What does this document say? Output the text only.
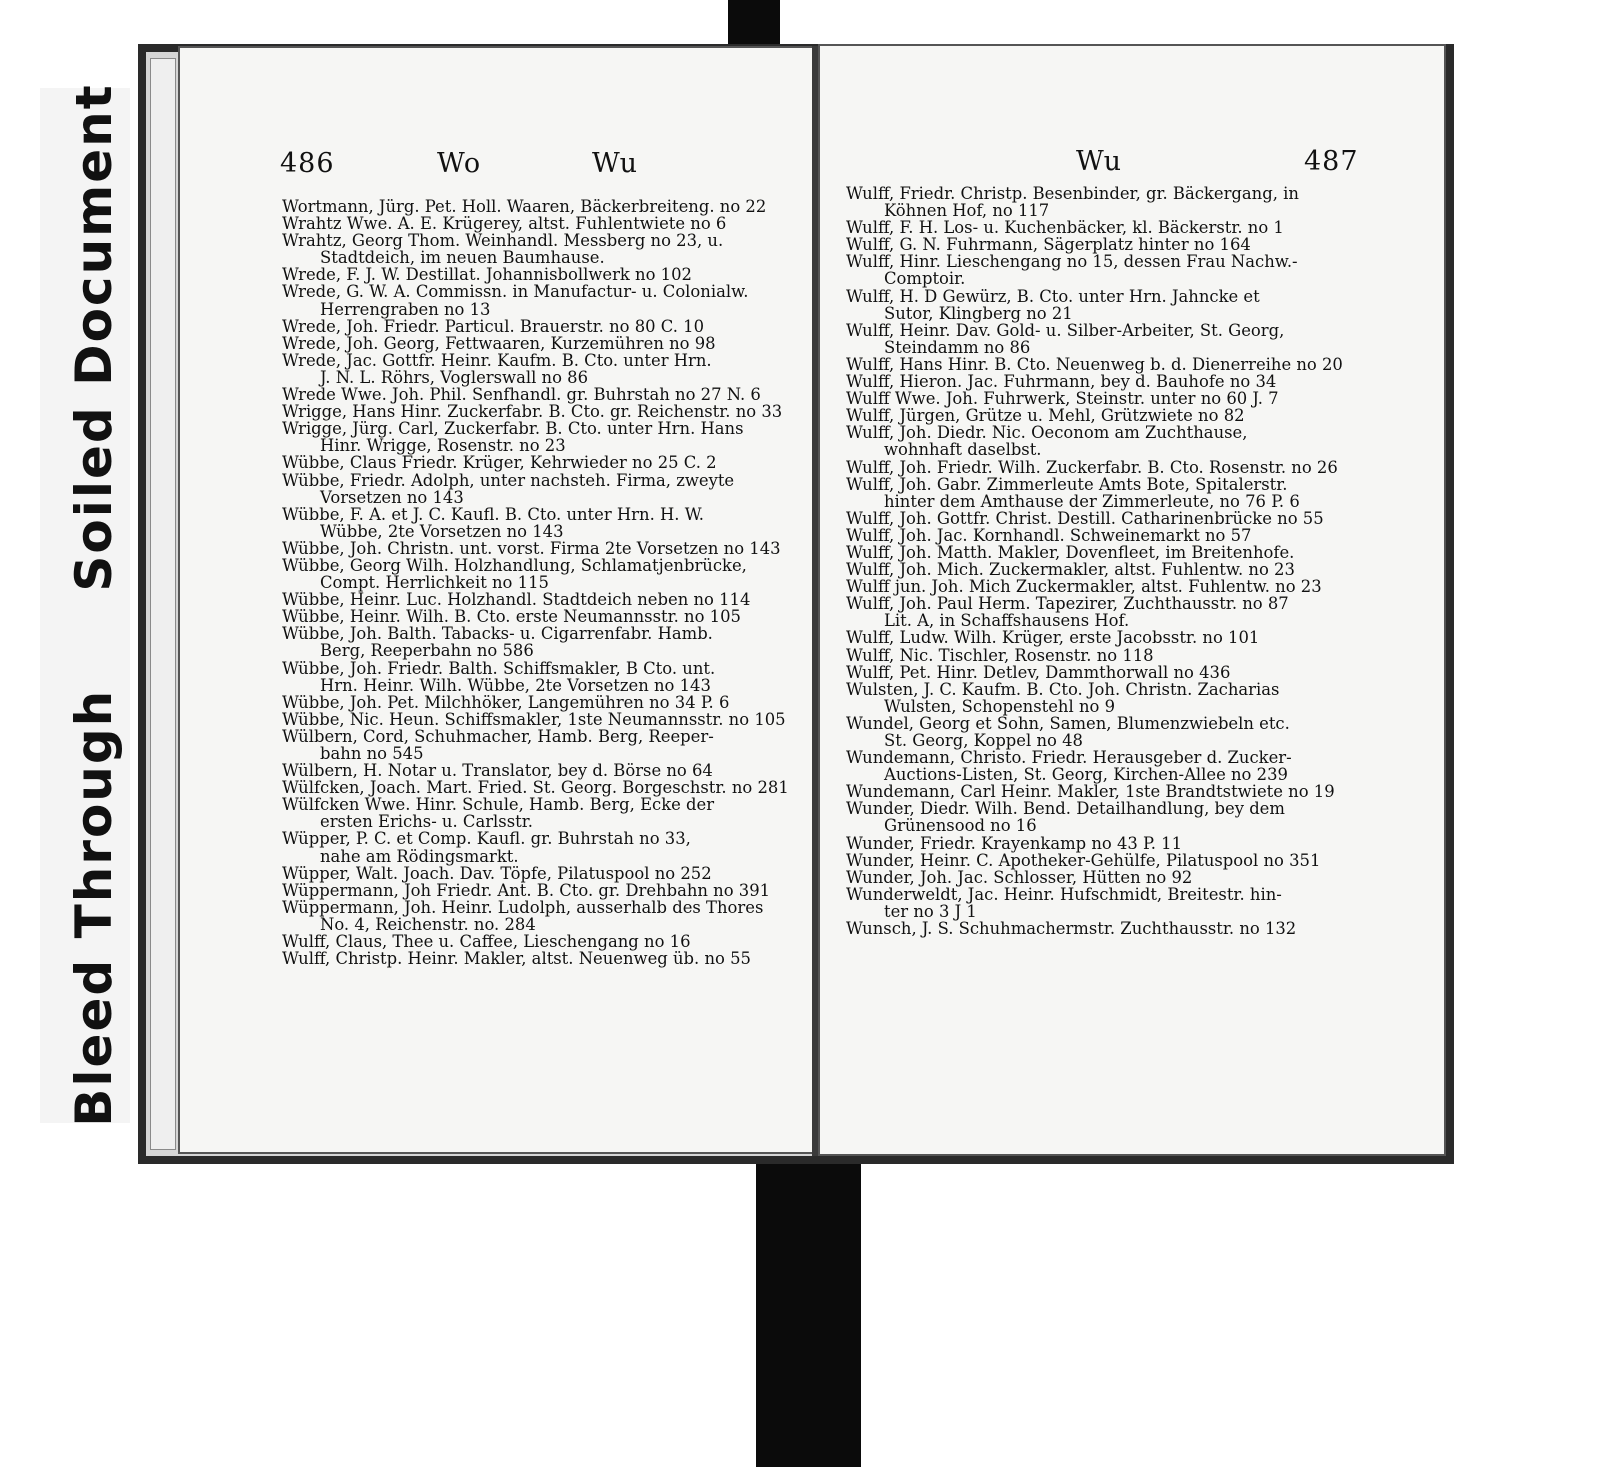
Bleed Through     Soiled Document	486	Wo	Wu
Wortmann, Jürg. Pet. Holl. Waaren, Bäckerbreiteng. no 22
Wrahtz Wwe. A. E. Krügerey, altst. Fuhlentwiete no 6
Wrahtz, Georg Thom. Weinhandl. Messberg no 23, u.
Stadtdeich, im neuen Baumhause.
Wrede, F. J. W. Destillat. Johannisbollwerk no 102
Wrede, G. W. A. Commissn. in Manufactur- u. Colonialw.
Herrengraben no 13
Wrede, Joh. Friedr. Particul. Brauerstr. no 80 C. 10
Wrede, Joh. Georg, Fettwaaren, Kurzemühren no 98
Wrede, Jac. Gottfr. Heinr. Kaufm. B. Cto. unter Hrn.
J. N. L. Röhrs, Voglerswall no 86
Wrede Wwe. Joh. Phil. Senfhandl. gr. Buhrstah no 27 N. 6
Wrigge, Hans Hinr. Zuckerfabr. B. Cto. gr. Reichenstr. no 33
Wrigge, Jürg. Carl, Zuckerfabr. B. Cto. unter Hrn. Hans
Hinr. Wrigge, Rosenstr. no 23
Wübbe, Claus Friedr. Krüger, Kehrwieder no 25 C. 2
Wübbe, Friedr. Adolph, unter nachsteh. Firma, zweyte
Vorsetzen no 143
Wübbe, F. A. et J. C. Kaufl. B. Cto. unter Hrn. H. W.
Wübbe, 2te Vorsetzen no 143
Wübbe, Joh. Christn. unt. vorst. Firma 2te Vorsetzen no 143
Wübbe, Georg Wilh. Holzhandlung, Schlamatjenbrücke,
Compt. Herrlichkeit no 115
Wübbe, Heinr. Luc. Holzhandl. Stadtdeich neben no 114
Wübbe, Heinr. Wilh. B. Cto. erste Neumannsstr. no 105
Wübbe, Joh. Balth. Tabacks- u. Cigarrenfabr. Hamb.
Berg, Reeperbahn no 586
Wübbe, Joh. Friedr. Balth. Schiffsmakler, B Cto. unt.
Hrn. Heinr. Wilh. Wübbe, 2te Vorsetzen no 143
Wübbe, Joh. Pet. Milchhöker, Langemühren no 34 P. 6
Wübbe, Nic. Heun. Schiffsmakler, 1ste Neumannsstr. no 105
Wülbern, Cord, Schuhmacher, Hamb. Berg, Reeper-
bahn no 545
Wülbern, H. Notar u. Translator, bey d. Börse no 64
Wülfcken, Joach. Mart. Fried. St. Georg. Borgeschstr. no 281
Wülfcken Wwe. Hinr. Schule, Hamb. Berg, Ecke der
ersten Erichs- u. Carlsstr.
Wüpper, P. C. et Comp. Kaufl. gr. Buhrstah no 33,
nahe am Rödingsmarkt.
Wüpper, Walt. Joach. Dav. Töpfe, Pilatuspool no 252
Wüppermann, Joh Friedr. Ant. B. Cto. gr. Drehbahn no 391
Wüppermann, Joh. Heinr. Ludolph, ausserhalb des Thores
No. 4, Reichenstr. no. 284
Wulff, Claus, Thee u. Caffee, Lieschengang no 16
Wulff, Christp. Heinr. Makler, altst. Neuenweg üb. no 55
Wu	487
Wulff, Friedr. Christp. Besenbinder, gr. Bäckergang, in
Köhnen Hof, no 117
Wulff, F. H. Los- u. Kuchenbäcker, kl. Bäckerstr. no 1
Wulff, G. N. Fuhrmann, Sägerplatz hinter no 164
Wulff, Hinr. Lieschengang no 15, dessen Frau Nachw.-
Comptoir.
Wulff, H. D Gewürz, B. Cto. unter Hrn. Jahncke et
Sutor, Klingberg no 21
Wulff, Heinr. Dav. Gold- u. Silber-Arbeiter, St. Georg,
Steindamm no 86
Wulff, Hans Hinr. B. Cto. Neuenweg b. d. Dienerreihe no 20
Wulff, Hieron. Jac. Fuhrmann, bey d. Bauhofe no 34
Wulff Wwe. Joh. Fuhrwerk, Steinstr. unter no 60 J. 7
Wulff, Jürgen, Grütze u. Mehl, Grützwiete no 82
Wulff, Joh. Diedr. Nic. Oeconom am Zuchthause,
wohnhaft daselbst.
Wulff, Joh. Friedr. Wilh. Zuckerfabr. B. Cto. Rosenstr. no 26
Wulff, Joh. Gabr. Zimmerleute Amts Bote, Spitalerstr.
hinter dem Amthause der Zimmerleute, no 76 P. 6
Wulff, Joh. Gottfr. Christ. Destill. Catharinenbrücke no 55
Wulff, Joh. Jac. Kornhandl. Schweinemarkt no 57
Wulff, Joh. Matth. Makler, Dovenfleet, im Breitenhofe.
Wulff, Joh. Mich. Zuckermakler, altst. Fuhlentw. no 23
Wulff jun. Joh. Mich Zuckermakler, altst. Fuhlentw. no 23
Wulff, Joh. Paul Herm. Tapezirer, Zuchthausstr. no 87
Lit. A, in Schaffshausens Hof.
Wulff, Ludw. Wilh. Krüger, erste Jacobsstr. no 101
Wulff, Nic. Tischler, Rosenstr. no 118
Wulff, Pet. Hinr. Detlev, Dammthorwall no 436
Wulsten, J. C. Kaufm. B. Cto. Joh. Christn. Zacharias
Wulsten, Schopenstehl no 9
Wundel, Georg et Sohn, Samen, Blumenzwiebeln etc.
St. Georg, Koppel no 48
Wundemann, Christo. Friedr. Herausgeber d. Zucker-
Auctions-Listen, St. Georg, Kirchen-Allee no 239
Wundemann, Carl Heinr. Makler, 1ste Brandtstwiete no 19
Wunder, Diedr. Wilh. Bend. Detailhandlung, bey dem
Grünensood no 16
Wunder, Friedr. Krayenkamp no 43 P. 11
Wunder, Heinr. C. Apotheker-Gehülfe, Pilatuspool no 351
Wunder, Joh. Jac. Schlosser, Hütten no 92
Wunderweldt, Jac. Heinr. Hufschmidt, Breitestr. hin-
ter no 3 J 1
Wunsch, J. S. Schuhmachermstr. Zuchthausstr. no 132
